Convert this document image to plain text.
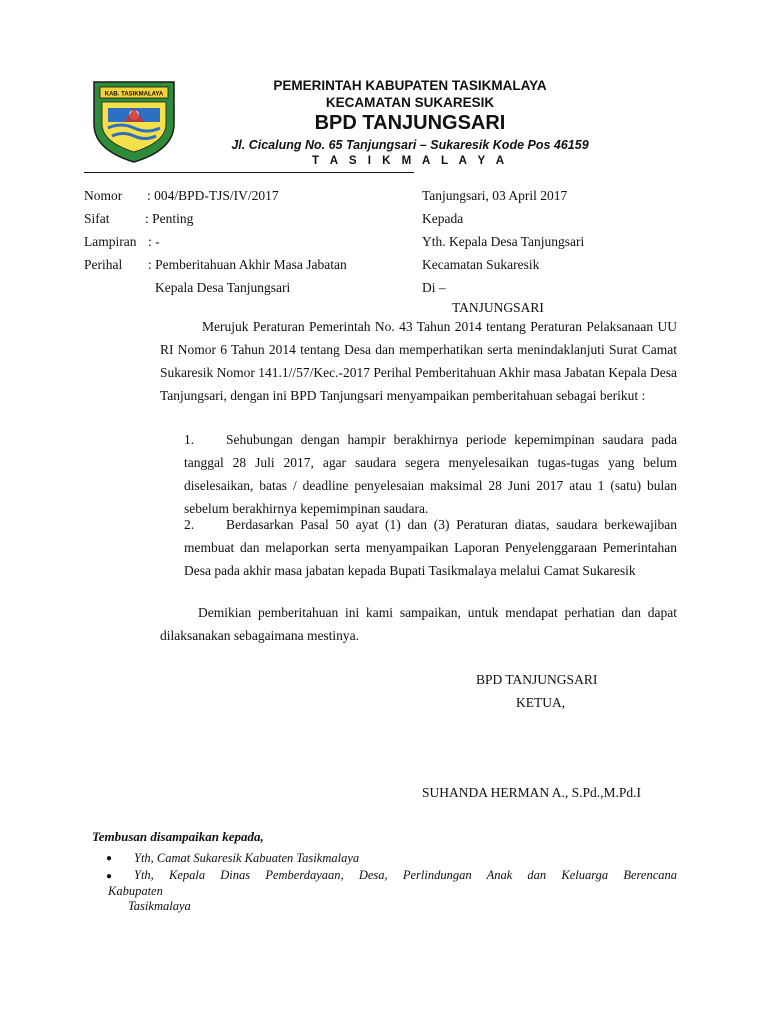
KAB. TASIKMALAYA
PEMERINTAH KABUPATEN TASIKMALAYA
KECAMATAN SUKARESIK
BPD TANJUNGSARI
Jl. Cicalung No. 65 Tanjungsari – Sukaresik Kode Pos 46159
T A S I K M A L A Y A
Nomor : 004/BPD-TJS/IV/2017
Sifat	: Penting
Lampiran : -
Perihal : Pemberitahuan Akhir Masa Jabatan
Kepala Desa Tanjungsari
Tanjungsari, 03 April 2017
Kepada
Yth. Kepala Desa Tanjungsari
Kecamatan Sukaresik
Di –
TANJUNGSARI
Merujuk Peraturan Pemerintah No. 43 Tahun 2014 tentang Peraturan Pelaksanaan UU RI Nomor 6 Tahun 2014 tentang Desa dan memperhatikan serta menindaklanjuti Surat Camat Sukaresik Nomor 141.1//57/Kec.-2017 Perihal Pemberitahuan Akhir masa Jabatan Kepala Desa Tanjungsari, dengan ini BPD Tanjungsari menyampaikan pemberitahuan sebagai berikut :
1. Sehubungan dengan hampir berakhirnya periode kepemimpinan saudara pada tanggal 28 Juli 2017, agar saudara segera menyelesaikan tugas-tugas yang belum diselesaikan, batas / deadline penyelesaian maksimal 28 Juni 2017 atau 1 (satu) bulan sebelum berakhirnya kepemimpinan saudara.
2. Berdasarkan Pasal 50 ayat (1) dan (3) Peraturan diatas, saudara berkewajiban membuat dan melaporkan serta menyampaikan Laporan Penyelenggaraan Pemerintahan Desa pada akhir masa jabatan kepada Bupati Tasikmalaya melalui Camat Sukaresik
Demikian pemberitahuan ini kami sampaikan, untuk mendapat perhatian dan dapat dilaksanakan sebagaimana mestinya.
BPD TANJUNGSARI
KETUA,
SUHANDA HERMAN A., S.Pd.,M.Pd.I
Tembusan disampaikan kepada,
● Yth, Camat Sukaresik Kabuaten Tasikmalaya
● Yth, Kepala Dinas Pemberdayaan, Desa, Perlindungan Anak dan Keluarga Berencana
Kabupaten
Tasikmalaya
